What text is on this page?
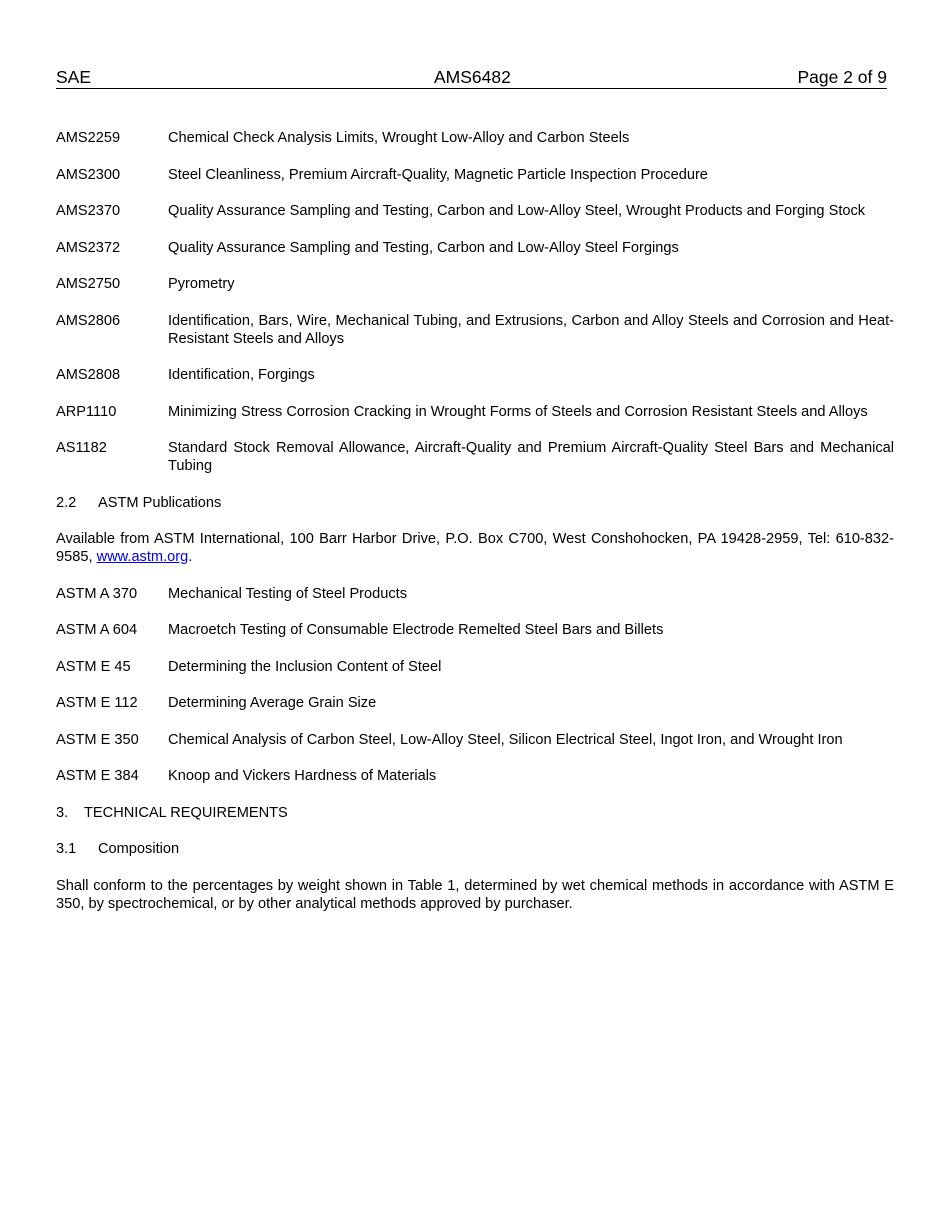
SAE	AMS6482	Page 2 of 9
AMS2259	Chemical Check Analysis Limits, Wrought Low-Alloy and Carbon Steels
AMS2300	Steel Cleanliness, Premium Aircraft-Quality, Magnetic Particle Inspection Procedure
AMS2370	Quality Assurance Sampling and Testing, Carbon and Low-Alloy Steel, Wrought Products and Forging Stock
AMS2372	Quality Assurance Sampling and Testing, Carbon and Low-Alloy Steel Forgings
AMS2750	Pyrometry
AMS2806	Identification, Bars, Wire, Mechanical Tubing, and Extrusions, Carbon and Alloy Steels and Corrosion and Heat-Resistant Steels and Alloys
AMS2808	Identification, Forgings
ARP1110	Minimizing Stress Corrosion Cracking in Wrought Forms of Steels and Corrosion Resistant Steels and Alloys
AS1182	Standard Stock Removal Allowance, Aircraft-Quality and Premium Aircraft-Quality Steel Bars and Mechanical Tubing
2.2 ASTM Publications
Available from ASTM International, 100 Barr Harbor Drive, P.O. Box C700, West Conshohocken, PA 19428-2959, Tel: 610-832-9585, www.astm.org.
ASTM A 370	Mechanical Testing of Steel Products
ASTM A 604	Macroetch Testing of Consumable Electrode Remelted Steel Bars and Billets
ASTM E 45	Determining the Inclusion Content of Steel
ASTM E 112	Determining Average Grain Size
ASTM E 350	Chemical Analysis of Carbon Steel, Low-Alloy Steel, Silicon Electrical Steel, Ingot Iron, and Wrought Iron
ASTM E 384	Knoop and Vickers Hardness of Materials
3. TECHNICAL REQUIREMENTS
3.1 Composition
Shall conform to the percentages by weight shown in Table 1, determined by wet chemical methods in accordance with ASTM E 350, by spectrochemical, or by other analytical methods approved by purchaser.
